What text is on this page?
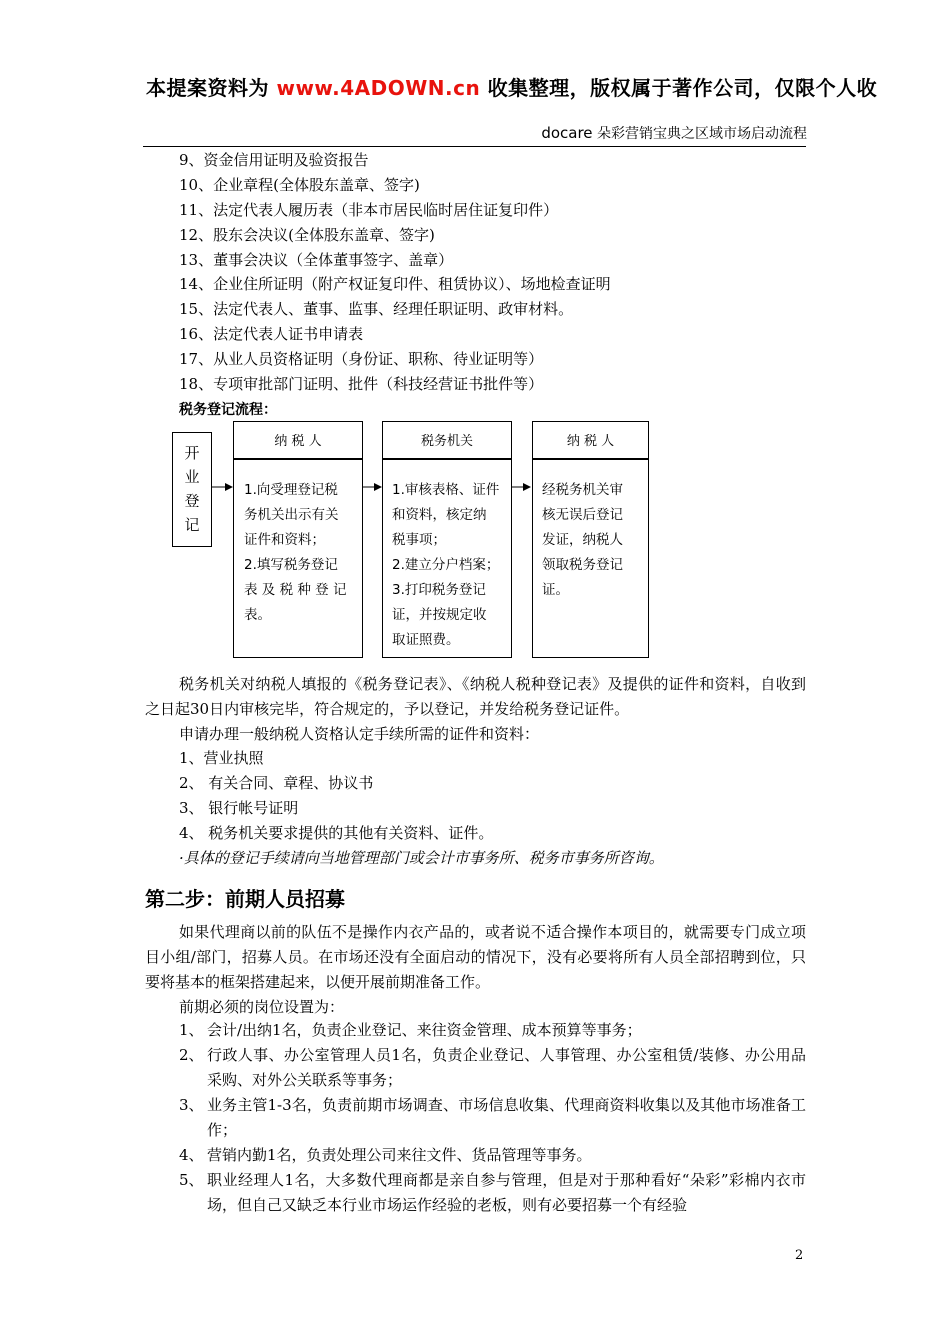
本提案资料为 www.4ADOWN.cn 收集整理，版权属于著作公司，仅限个人收
docare 朵彩营销宝典之区域市场启动流程
9、资金信用证明及验资报告
10、企业章程(全体股东盖章、签字)
11、法定代表人履历表（非本市居民临时居住证复印件）
12、股东会决议(全体股东盖章、签字)
13、董事会决议（全体董事签字、盖章）
14、企业住所证明（附产权证复印件、租赁协议）、场地检查证明
15、法定代表人、董事、监事、经理任职证明、政审材料。
16、法定代表人证书申请表
17、从业人员资格证明（身份证、职称、待业证明等）
18、专项审批部门证明、批件（科技经营证书批件等）
税务登记流程：
开
业
登
记
纳 税 人
1.向受理登记税
务机关出示有关
证件和资料；
2.填写税务登记
表 及 税 种 登 记
表。
税务机关
1.审核表格、证件
和资料，核定纳
税事项；
2.建立分户档案；
3.打印税务登记
证，并按规定收
取证照费。
纳 税 人
经税务机关审
核无误后登记
发证，纳税人
领取税务登记
证。
税务机关对纳税人填报的《税务登记表》、《纳税人税种登记表》及提供的证件和资料，自收到之日起30日内审核完毕，符合规定的，予以登记，并发给税务登记证件。
申请办理一般纳税人资格认定手续所需的证件和资料：
1、营业执照
2、 有关合同、章程、协议书
3、 银行帐号证明
4、 税务机关要求提供的其他有关资料、证件。
·具体的登记手续请向当地管理部门或会计市事务所、税务市事务所咨询。
第二步：前期人员招募
如果代理商以前的队伍不是操作内衣产品的，或者说不适合操作本项目的，就需要专门成立项目小组/部门，招募人员。在市场还没有全面启动的情况下，没有必要将所有人员全部招聘到位，只要将基本的框架搭建起来，以便开展前期准备工作。
前期必须的岗位设置为：
1、 会计/出纳1名，负责企业登记、来往资金管理、成本预算等事务；
2、 行政人事、办公室管理人员1名，负责企业登记、人事管理、办公室租赁/装修、办公用品采购、对外公关联系等事务；
3、 业务主管1-3名，负责前期市场调查、市场信息收集、代理商资料收集以及其他市场准备工作；
4、 营销内勤1名，负责处理公司来往文件、货品管理等事务。
5、 职业经理人1名，大多数代理商都是亲自参与管理，但是对于那种看好“朵彩”彩棉内衣市场，但自己又缺乏本行业市场运作经验的老板，则有必要招募一个有经验
2
